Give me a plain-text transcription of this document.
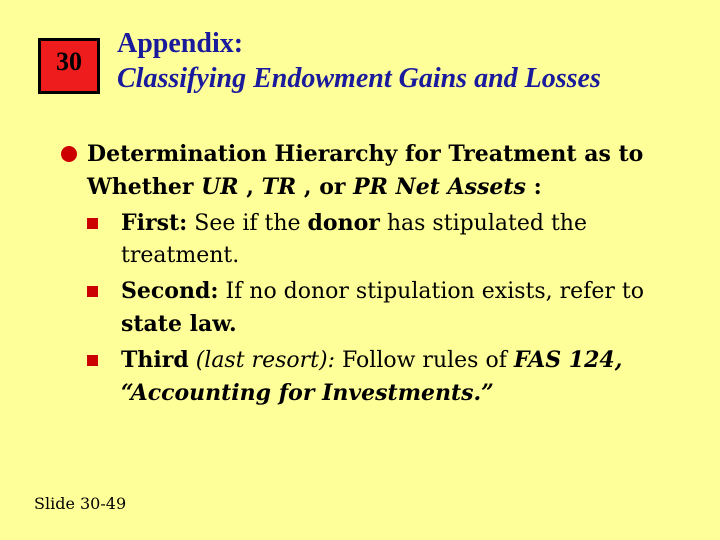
30
Appendix:
Classifying Endowment Gains and Losses
Determination Hierarchy for Treatment as to Whether UR , TR , or PR Net Assets :
First: See if the donor has stipulated the treatment.
Second: If no donor stipulation exists, refer to state law.
Third (last resort): Follow rules of FAS 124,
“Accounting for Investments.”
Slide 30-49
